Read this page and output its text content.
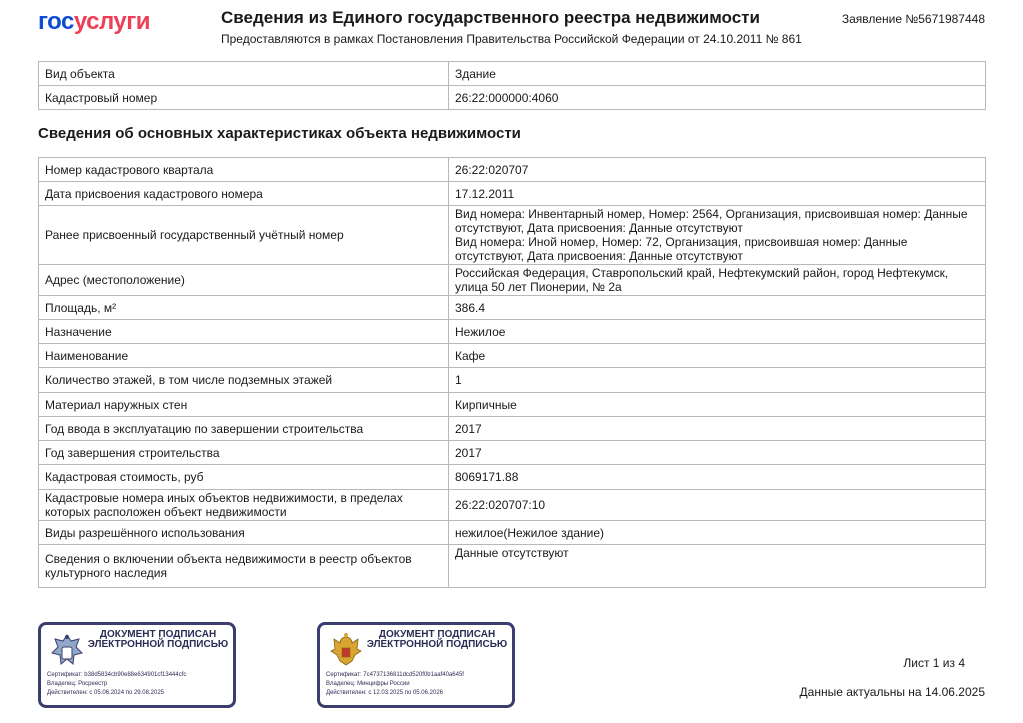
госуслуги	Сведения из Единого государственного реестра недвижимости
Предоставляются в рамках Постановления Правительства Российской Федерации от 24.10.2011 № 861
Заявление №5671987448
Вид объекта	Здание
Кадастровый номер	26:22:000000:4060
Сведения об основных характеристиках объекта недвижимости
Номер кадастрового квартала	26:22:020707
Дата присвоения кадастрового номера	17.12.2011
Ранее присвоенный государственный учётный номер	Вид номера: Инвентарный номер, Номер: 2564, Организация, присвоившая номер: Данные отсутствуют, Дата присвоения: Данные отсутствуют
Вид номера: Иной номер, Номер: 72, Организация, присвоившая номер: Данные отсутствуют, Дата присвоения: Данные отсутствуют
Адрес (местоположение)	Российская Федерация, Ставропольский край, Нефтекумский район, город Нефтекумск, улица 50 лет Пионерии, № 2а
Площадь, м²	386.4
Назначение	Нежилое
Наименование	Кафе
Количество этажей, в том числе подземных этажей	1
Материал наружных стен	Кирпичные
Год ввода в эксплуатацию по завершении строительства	2017
Год завершения строительства	2017
Кадастровая стоимость, руб	8069171.88
Кадастровые номера иных объектов недвижимости, в пределах которых расположен объект недвижимости	26:22:020707:10
Виды разрешённого использования	нежилое(Нежилое здание)
Сведения о включении объекта недвижимости в реестр объектов культурного наследия	Данные отсутствуют
ДОКУМЕНТ ПОДПИСАН ЭЛЕКТРОННОЙ ПОДПИСЬЮ
Сертификат: b38d5834cb90e88e634901cf13444cfc
Владелец: Росреестр
Действителен: с 05.06.2024 по 29.08.2025
ДОКУМЕНТ ПОДПИСАН ЭЛЕКТРОННОЙ ПОДПИСЬЮ
Сертификат: 7c4737136811dcd520f0b1aaf40a645f
Владелец: Минцифры России
Действителен: с 12.03.2025 по 05.06.2026
Лист 1 из 4
Данные актуальны на 14.06.2025
